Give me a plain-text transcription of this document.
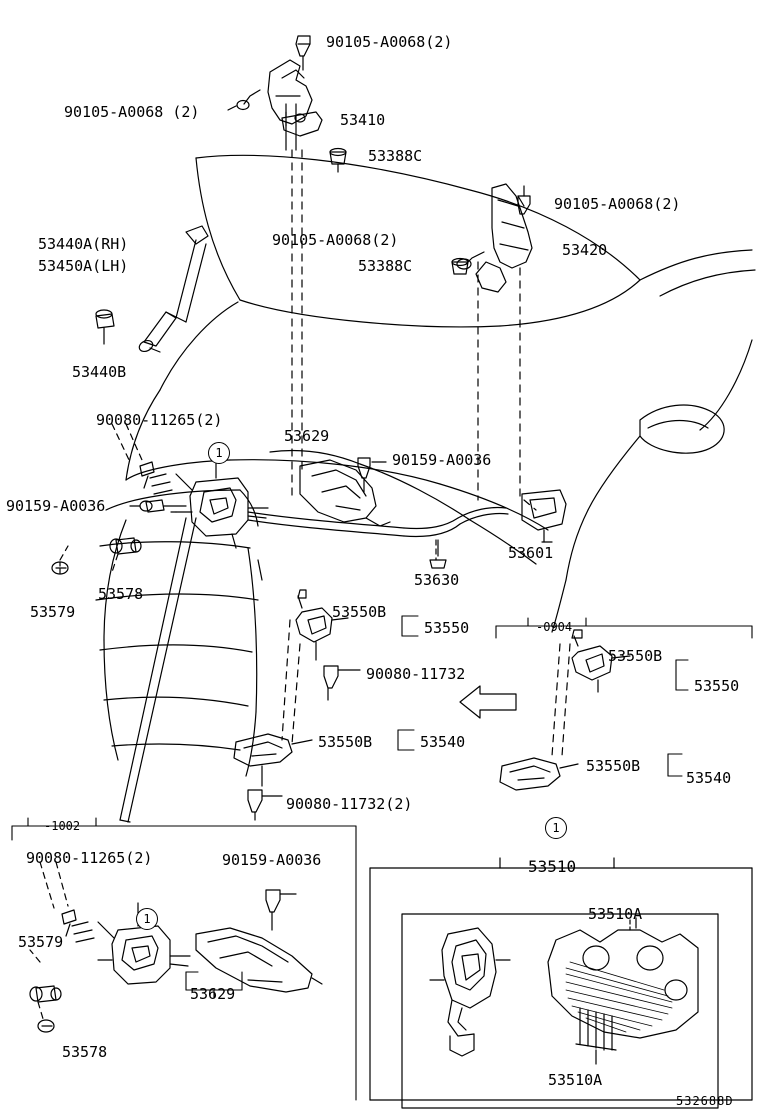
90105-A0068(2)
90105-A0068 (2)	53410
53388C
90105-A0068(2)
90105-A0068(2)
53420
53440A(RH)
53450A(LH)	53388C
53440B
90080-11265(2)
53629
90159-A0036
90159-A0036
53601
53630
53578
53579	53550B
53550	-0904
53550B
90080-11732
53550
53550B	53540
53550B
53540
90080-11732(2)
-1002
53510
90080-11265(2)	90159-A0036
53510A
53579
53629
53578
53510A
1
1
1
532688D
